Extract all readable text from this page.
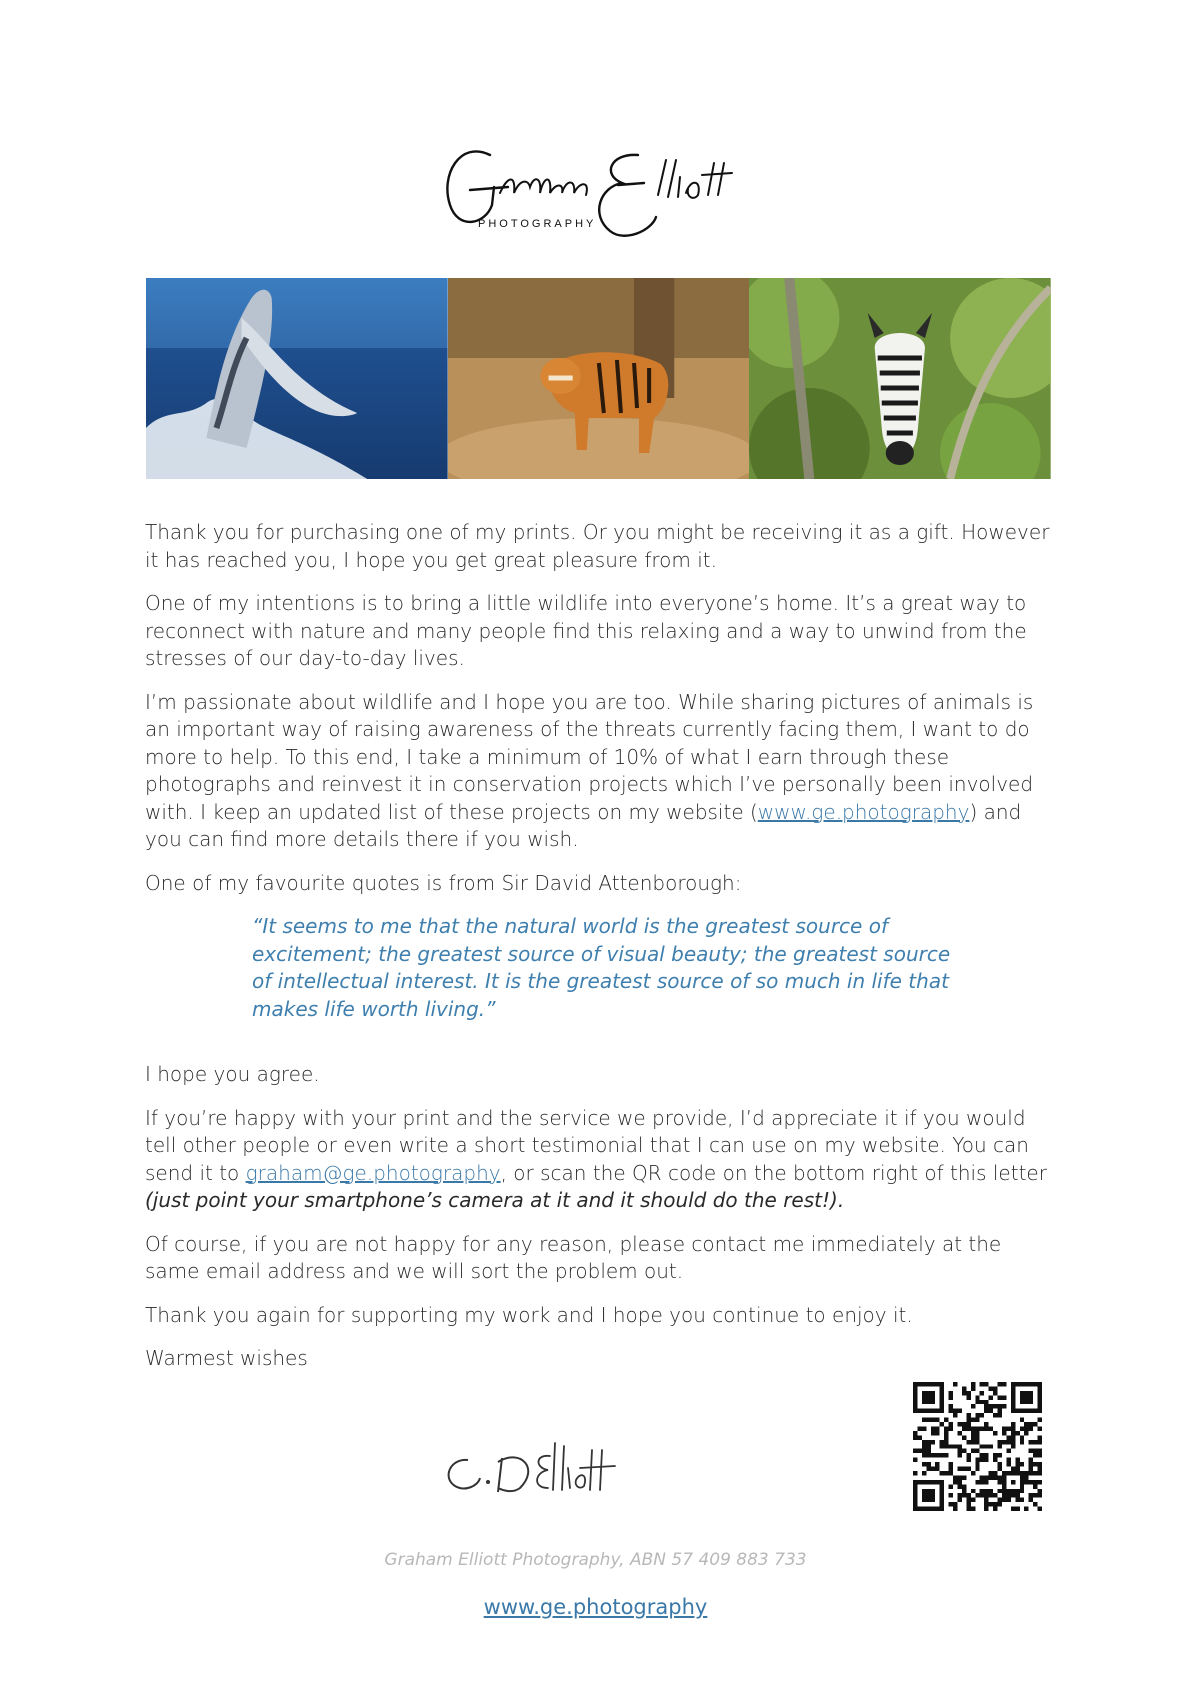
PHOTOGRAPHY

Thank you for purchasing one of my prints. Or you might be receiving it as a gift. However it has reached you, I hope you get great pleasure from it.

One of my intentions is to bring a little wildlife into everyone’s home. It’s a great way to reconnect with nature and many people find this relaxing and a way to unwind from the stresses of our day-to-day lives.

I’m passionate about wildlife and I hope you are too. While sharing pictures of animals is an important way of raising awareness of the threats currently facing them, I want to do more to help. To this end, I take a minimum of 10% of what I earn through these photographs and reinvest it in conservation projects which I’ve personally been involved with. I keep an updated list of these projects on my website (www.ge.photography) and you can find more details there if you wish.

One of my favourite quotes is from Sir David Attenborough:

“It seems to me that the natural world is the greatest source of excitement; the greatest source of visual beauty; the greatest source of intellectual interest. It is the greatest source of so much in life that makes life worth living.”

I hope you agree.

If you’re happy with your print and the service we provide, I’d appreciate it if you would tell other people or even write a short testimonial that I can use on my website. You can send it to graham@ge.photography, or scan the QR code on the bottom right of this letter (just point your smartphone’s camera at it and it should do the rest!).

Of course, if you are not happy for any reason, please contact me immediately at the same email address and we will sort the problem out.

Thank you again for supporting my work and I hope you continue to enjoy it.

Warmest wishes

Graham Elliott Photography, ABN 57 409 883 733
www.ge.photography
